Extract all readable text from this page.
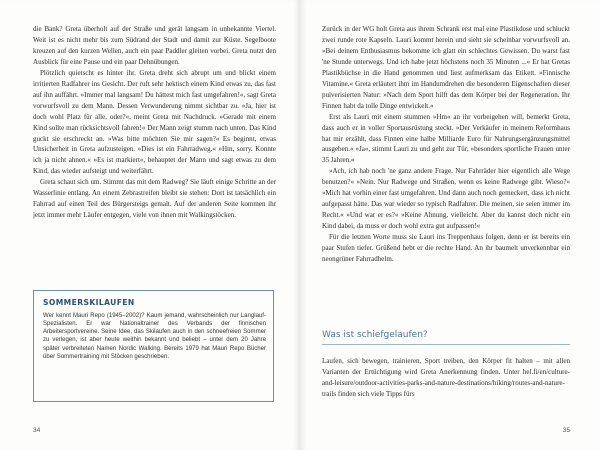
die Bank? Greta überholt auf der Straße und gerät langsam in unbekannte Viertel. Weit ist es nicht mehr bis zum Südrand der Stadt und damit zur Küste. Segelboote kreuzen auf den kurzen Wellen, auch ein paar Paddler gleiten vorbei. Greta nutzt den Ausblick für eine Pause und ein paar Dehnübungen.

Plötzlich quietscht es hinter ihr. Greta dreht sich abrupt um und blickt einem irritierten Radfahrer ins Gesicht. Der ruft sehr hektisch einem Kind etwas zu, das fast auf ihn auffährt. »Immer mal langsam! Du hättest mich fast umgefahren!«, sagt Greta vorwurfsvoll zu dem Mann. Dessen Verwunderung nimmt sichtbar zu. »Ja, hier ist doch wohl Platz für alle, oder?«, meint Greta mit Nachdruck. »Gerade mit einem Kind sollte man rücksichtsvoll fahren!« Der Mann zeigt stumm nach unten. Das Kind guckt sie erschreckt an. »Was bitte möchten Sie mir sagen?« Es beginnt, etwas Unsicherheit in Greta aufzusteigen. »Dies ist ein Fahrradweg.« »Hm, sorry. Konnte ich ja nicht ahnen.« »Es ist markiert«, behauptet der Mann und sagt etwas zu dem Kind, das wieder aufsteigt und weiterfährt.

Greta schaut sich um. Stimmt das mit dem Radweg? Sie läuft einige Schritte an der Wasserlinie entlang. An einem Zebrastreifen bleibt sie stehen: Dort ist tatsächlich ein Fahrrad auf einen Teil des Bürgersteigs gemalt. Auf der anderen Seite kommen ihr jetzt immer mehr Läufer entgegen, viele von ihnen mit Walkingstöcken.

SOMMERSKILAUFEN
Wer kennt Mauri Repo (1945–2002)? Kaum jemand, wahrscheinlich nur Langlauf-Spezialisten. Er war Nationaltrainer des Verbands der finnischen Arbeitersportvereine. Seine Idee, das Skilaufen auch in den schneefreien Sommer zu verlegen, ist aber heute weithin bekannt und beliebt – unter dem 20 Jahre später verbreiteten Namen Nordic Walking. Bereits 1979 hat Mauri Repo Bücher über Sommertraining mit Stöcken geschrieben.
34

Zurück in der WG holt Greta aus ihrem Schrank erst mal eine Plastikdose und schluckt zwei runde rote Kapseln. Lauri kommt herein und sieht sie scheinbar vorwurfsvoll an. »Bei deinem Enthusiasmus bekomme ich glatt ein schlechtes Gewissen. Du warst fast 'ne Stunde unterwegs. Und ich habe jetzt höchstens noch 35 Minuten ...« Er hat Gretas Plastikbüchse in die Hand genommen und liest aufmerksam das Etikett. »Finnische Vitamine.« Greta erläutert ihm im Handumdrehen die besonderen Eigenschaften dieser pulverisierten Natur: »Nach dem Sport hilft das dem Körper bei der Regeneration. Ihr Finnen habt da tolle Dinge entwickelt.«

Erst als Lauri mit einem stummen »Hm« an ihr vorbeigehen will, bemerkt Greta, dass auch er in voller Sportausrüstung steckt. »Der Verkäufer in meinem Reformhaus hat mir erzählt, dass Finnen eine halbe Milliarde Euro für Nahrungsergänzungsmittel ausgeben.« »Ja«, stimmt Lauri zu und geht zur Tür, »besonders sportliche Frauen unter 35 Jahren.«

»Ach, ich hab noch 'ne ganz andere Frage. Nur Fahrräder hier eigentlich alle Wege benutzen?« »Nein. Nur Radwege und Straßen, wenn es keine Radwege gibt. Wieso?« »Mich hat vorhin einer fast umgefahren. Und dann auch noch gemeckert, dass ich nicht aufgepasst hätte. Das war wieder so typisch Radfahrer. Die meinen, sie seien immer im Recht.« »Und war er es?« »Keine Ahnung, vielleicht. Aber du kannst doch nicht ein Kind dabei, da muss er doch wohl extra gut aufpassen!«

Für die letzten Worte muss sie Lauri ins Treppenhaus folgen, denn er ist bereits ein paar Stufen tiefer. Grüßend hebt er die rechte Hand. An ihr baumelt unverkennbar ein neongrüner Fahrradhelm.

Was ist schiefgelaufen?

Laufen, sich bewegen, trainieren, Sport treiben, den Körper fit halten – mit allen Varianten der Ertüchtigung wird Greta Anerkennung finden. Unter hel.fi/en/culture-and-leisure/outdoor-activities-parks-and-nature-destinations/hiking/routes-and-nature-trails finden sich viele Tipps fürs

35
